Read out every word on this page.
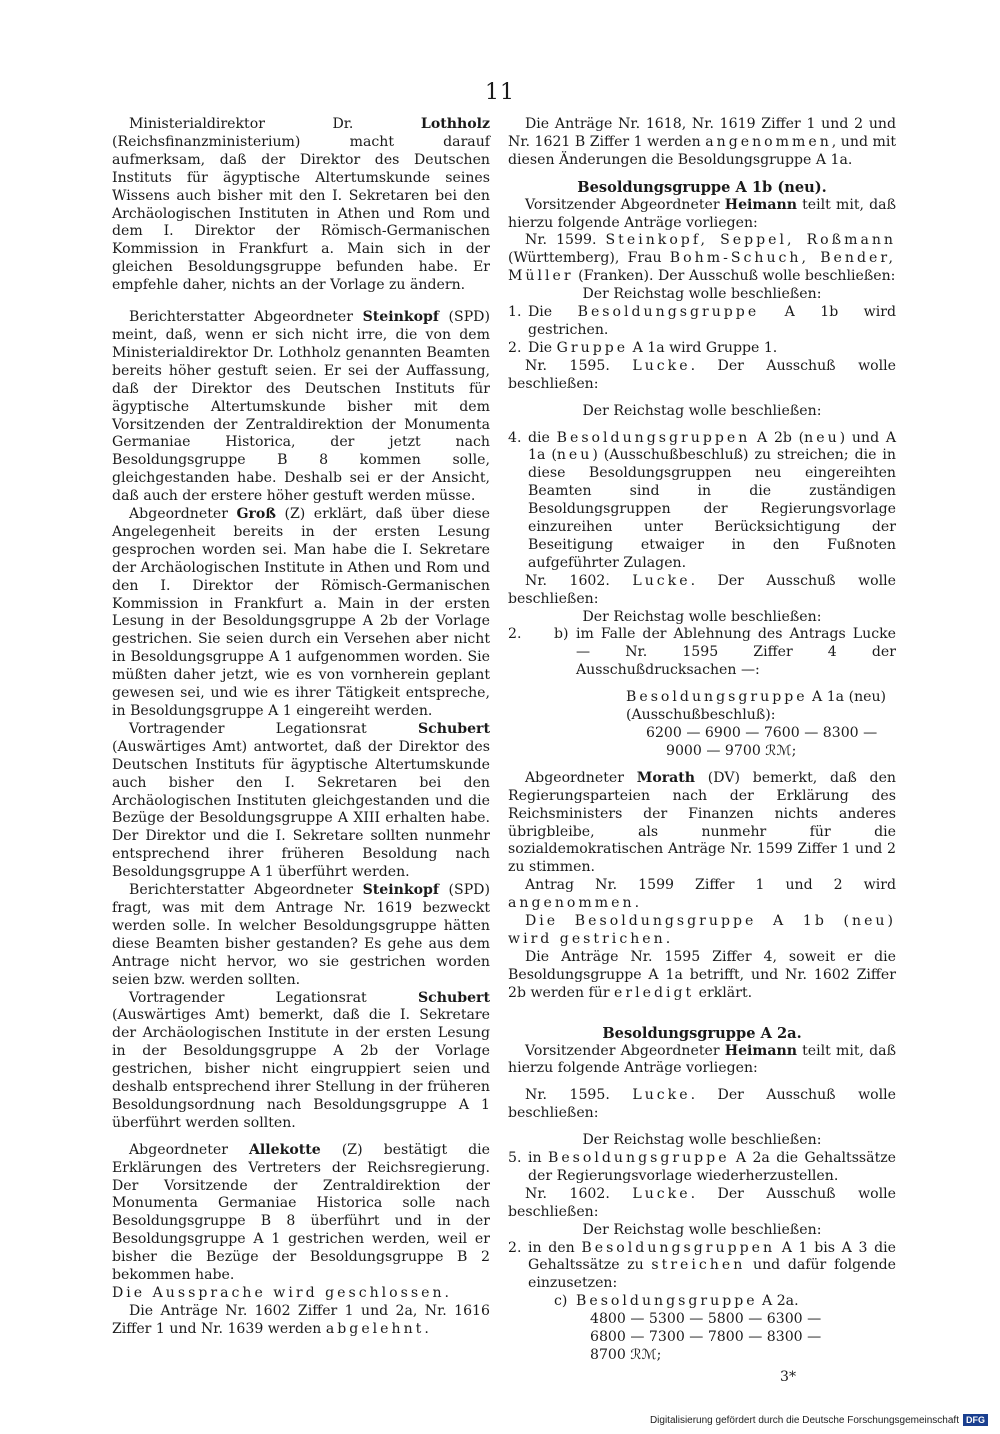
11

Ministerialdirektor Dr. Lothholz (Reichsfinanzministerium) macht darauf aufmerksam, daß der Direktor des Deutschen Instituts für ägyptische Altertumskunde seines Wissens auch bisher mit den I. Sekretaren bei den Archäologischen Instituten in Athen und Rom und dem I. Direktor der Römisch-Germanischen Kommission in Frankfurt a. Main sich in der gleichen Besoldungsgruppe befunden habe. Er empfehle daher, nichts an der Vorlage zu ändern.

Berichterstatter Abgeordneter Steinkopf (SPD) meint, daß, wenn er sich nicht irre, die von dem Ministerialdirektor Dr. Lothholz genannten Beamten bereits höher gestuft seien. Er sei der Auffassung, daß der Direktor des Deutschen Instituts für ägyptische Altertumskunde bisher mit dem Vorsitzenden der Zentraldirektion der Monumenta Germaniae Historica, der jetzt nach Besoldungsgruppe B 8 kommen solle, gleichgestanden habe. Deshalb sei er der Ansicht, daß auch der erstere höher gestuft werden müsse.

Abgeordneter Groß (Z) erklärt, daß über diese Angelegenheit bereits in der ersten Lesung gesprochen worden sei. Man habe die I. Sekretare der Archäologischen Institute in Athen und Rom und den I. Direktor der Römisch-Germanischen Kommission in Frankfurt a. Main in der ersten Lesung in der Besoldungsgruppe A 2b der Vorlage gestrichen. Sie seien durch ein Versehen aber nicht in Besoldungsgruppe A 1 aufgenommen worden. Sie müßten daher jetzt, wie es von vornherein geplant gewesen sei, und wie es ihrer Tätigkeit entspreche, in Besoldungsgruppe A 1 eingereiht werden.

Vortragender Legationsrat Schubert (Auswärtiges Amt) antwortet, daß der Direktor des Deutschen Instituts für ägyptische Altertumskunde auch bisher den I. Sekretaren bei den Archäologischen Instituten gleichgestanden und die Bezüge der Besoldungsgruppe A XIII erhalten habe. Der Direktor und die I. Sekretare sollten nunmehr entsprechend ihrer früheren Besoldung nach Besoldungsgruppe A 1 überführt werden.

Berichterstatter Abgeordneter Steinkopf (SPD) fragt, was mit dem Antrage Nr. 1619 bezweckt werden solle. In welcher Besoldungsgruppe hätten diese Beamten bisher gestanden? Es gehe aus dem Antrage nicht hervor, wo sie gestrichen worden seien bzw. werden sollten.

Vortragender Legationsrat Schubert (Auswärtiges Amt) bemerkt, daß die I. Sekretare der Archäologischen Institute in der ersten Lesung in der Besoldungsgruppe A 2b der Vorlage gestrichen, bisher nicht eingruppiert seien und deshalb entsprechend ihrer Stellung in der früheren Besoldungsordnung nach Besoldungsgruppe A 1 überführt werden sollten.

Abgeordneter Allekotte (Z) bestätigt die Erklärungen des Vertreters der Reichsregierung. Der Vorsitzende der Zentraldirektion der Monumenta Germaniae Historica solle nach Besoldungsgruppe B 8 überführt und in der Besoldungsgruppe A 1 gestrichen werden, weil er bisher die Bezüge der Besoldungsgruppe B 2 bekommen habe.

Die Aussprache wird geschlossen.

Die Anträge Nr. 1602 Ziffer 1 und 2a, Nr. 1616 Ziffer 1 und Nr. 1639 werden abgelehnt.

Die Anträge Nr. 1618, Nr. 1619 Ziffer 1 und 2 und Nr. 1621 B Ziffer 1 werden angenommen, und mit diesen Änderungen die Besoldungsgruppe A 1a.

Besoldungsgruppe A 1b (neu).

Vorsitzender Abgeordneter Heimann teilt mit, daß hierzu folgende Anträge vorliegen:

Nr. 1599. Steinkopf, Seppel, Roßmann (Württemberg), Frau Bohm-Schuch, Bender, Müller (Franken). Der Ausschuß wolle beschließen:

Der Reichstag wolle beschließen:

1. Die Besoldungsgruppe A 1b wird gestrichen.
2. Die Gruppe A 1a wird Gruppe 1.

Nr. 1595. Lucke. Der Ausschuß wolle beschließen:

Der Reichstag wolle beschließen:

4. die Besoldungsgruppen A 2b (neu) und A 1a (neu) (Ausschußbeschluß) zu streichen; die in diese Besoldungsgruppen neu eingereihten Beamten sind in die zuständigen Besoldungsgruppen der Regierungsvorlage einzureihen unter Berücksichtigung der Beseitigung etwaiger in den Fußnoten aufgeführter Zulagen.

Nr. 1602. Lucke. Der Ausschuß wolle beschließen:

Der Reichstag wolle beschließen:

2.	b) im Falle der Ablehnung des Antrags Lucke — Nr. 1595 Ziffer 4 der Ausschußdrucksachen —:
Besoldungsgruppe A 1a (neu)
(Ausschußbeschluß):
6200 — 6900 — 7600 — 8300 —
9000 — 9700 ℛℳ;

Abgeordneter Morath (DV) bemerkt, daß den Regierungsparteien nach der Erklärung des Reichsministers der Finanzen nichts anderes übrigbleibe, als nunmehr für die sozialdemokratischen Anträge Nr. 1599 Ziffer 1 und 2 zu stimmen.

Antrag Nr. 1599 Ziffer 1 und 2 wird angenommen.

Die Besoldungsgruppe A 1b (neu) wird gestrichen.

Die Anträge Nr. 1595 Ziffer 4, soweit er die Besoldungsgruppe A 1a betrifft, und Nr. 1602 Ziffer 2b werden für erledigt erklärt.

Besoldungsgruppe A 2a.

Vorsitzender Abgeordneter Heimann teilt mit, daß hierzu folgende Anträge vorliegen:

Nr. 1595. Lucke. Der Ausschuß wolle beschließen:

Der Reichstag wolle beschließen:

5. in Besoldungsgruppe A 2a die Gehaltssätze der Regierungsvorlage wiederherzustellen.

Nr. 1602. Lucke. Der Ausschuß wolle beschließen:

Der Reichstag wolle beschließen:

2. in den Besoldungsgruppen A 1 bis A 3 die Gehaltssätze zu streichen und dafür folgende einzusetzen:
c) Besoldungsgruppe A 2a.
4800 — 5300 — 5800 — 6300 —
6800 — 7300 — 7800 — 8300 —
8700 ℛℳ;
3*
Digitalisierung gefördert durch die Deutsche Forschungsgemeinschaft DFG
